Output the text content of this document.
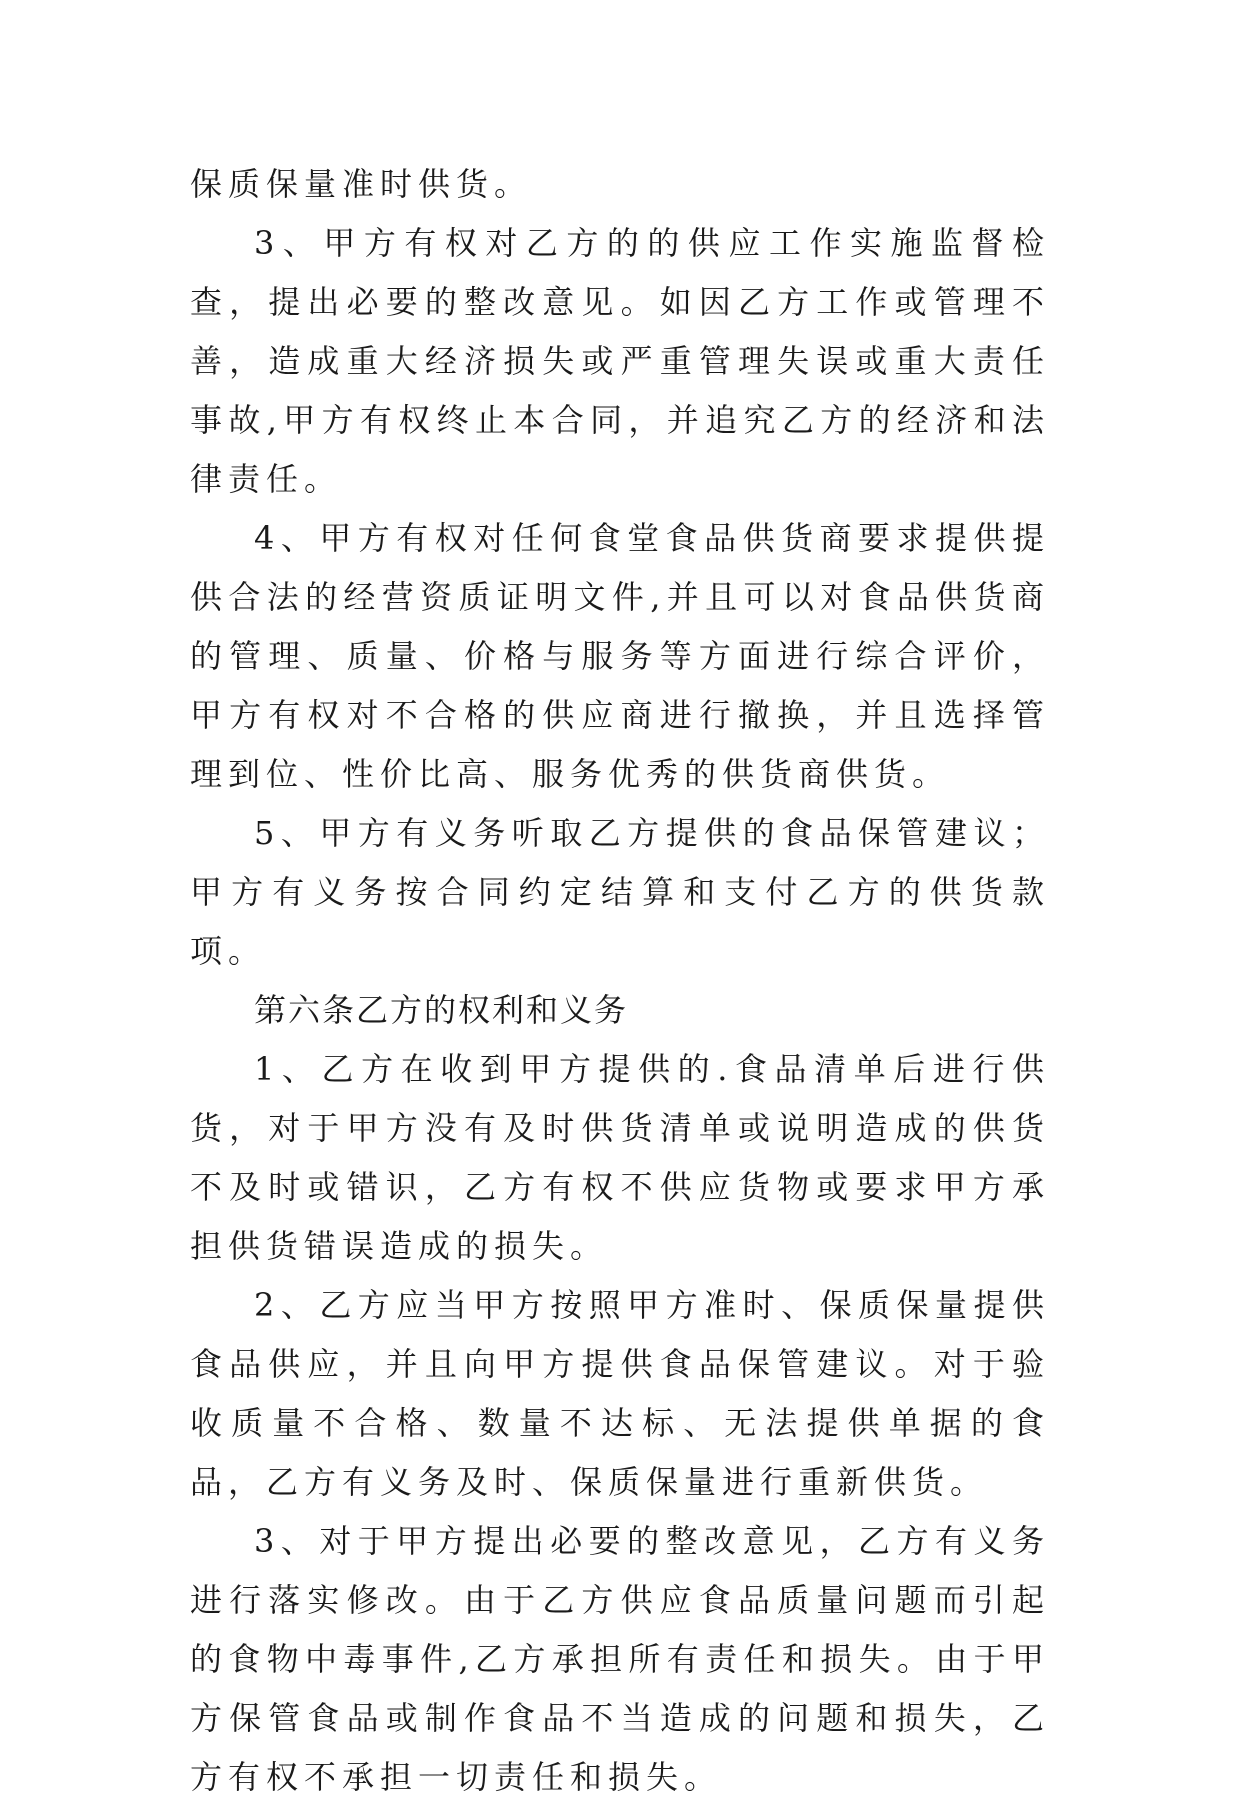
保质保量准时供货。

3、甲方有权对乙方的的供应工作实施监督检查，提出必要的整改意见。如因乙方工作或管理不善，造成重大经济损失或严重管理失误或重大责任事故,甲方有权终止本合同，并追究乙方的经济和法律责任。

4、甲方有权对任何食堂食品供货商要求提供提供合法的经营资质证明文件,并且可以对食品供货商的管理、质量、价格与服务等方面进行综合评价，甲方有权对不合格的供应商进行撤换，并且选择管理到位、性价比高、服务优秀的供货商供货。

5、甲方有义务听取乙方提供的食品保管建议；甲方有义务按合同约定结算和支付乙方的供货款项。

第六条乙方的权利和义务

1、乙方在收到甲方提供的.食品清单后进行供货，对于甲方没有及时供货清单或说明造成的供货不及时或错识，乙方有权不供应货物或要求甲方承担供货错误造成的损失。

2、乙方应当甲方按照甲方准时、保质保量提供食品供应，并且向甲方提供食品保管建议。对于验收质量不合格、数量不达标、无法提供单据的食品，乙方有义务及时、保质保量进行重新供货。

3、对于甲方提出必要的整改意见，乙方有义务进行落实修改。由于乙方供应食品质量问题而引起的食物中毒事件,乙方承担所有责任和损失。由于甲方保管食品或制作食品不当造成的问题和损失，乙方有权不承担一切责任和损失。
